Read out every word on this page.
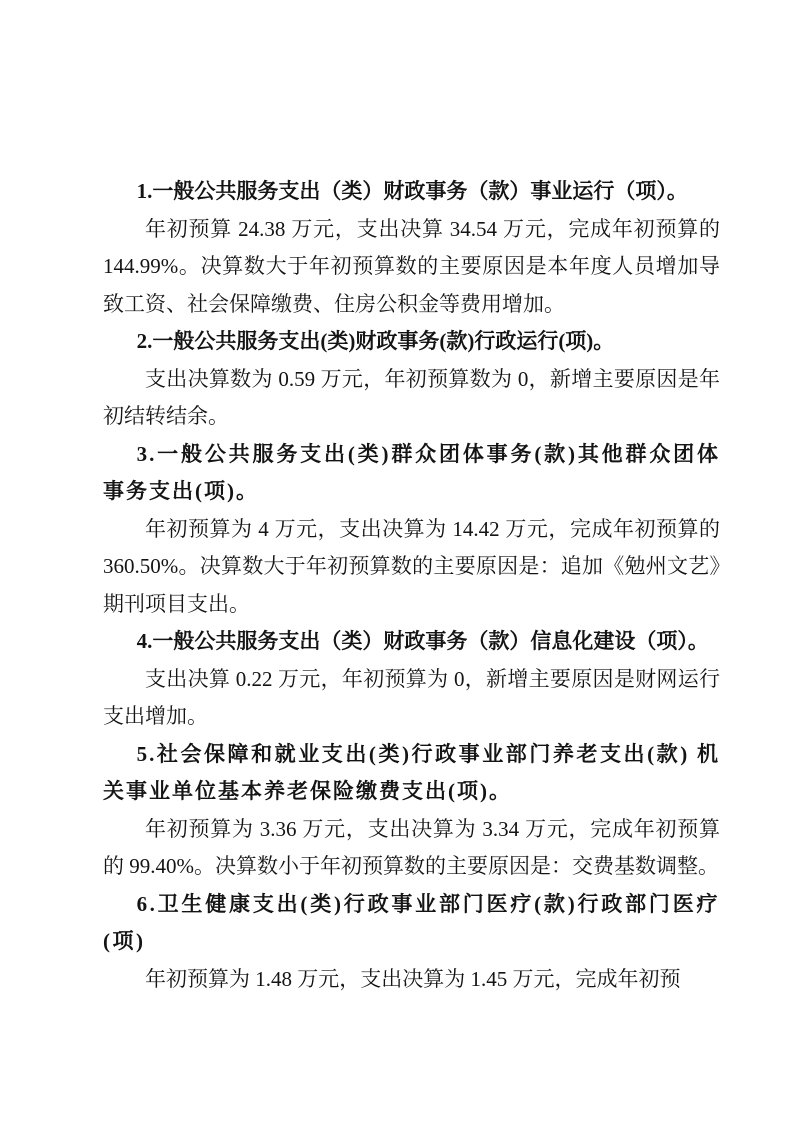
1.一般公共服务支出（类）财政事务（款）事业运行（项）。

年初预算 24.38 万元，支出决算 34.54 万元，完成年初预算的 144.99%。决算数大于年初预算数的主要原因是本年度人员增加导致工资、社会保障缴费、住房公积金等费用增加。

2.一般公共服务支出(类)财政事务(款)行政运行(项)。

支出决算数为 0.59 万元，年初预算数为 0，新增主要原因是年初结转结余。

3.一般公共服务支出(类)群众团体事务(款)其他群众团体事务支出(项)。

年初预算为 4 万元，支出决算为 14.42 万元，完成年初预算的 360.50%。决算数大于年初预算数的主要原因是：追加《勉州文艺》期刊项目支出。

4.一般公共服务支出（类）财政事务（款）信息化建设（项）。

支出决算 0.22 万元，年初预算为 0，新增主要原因是财网运行支出增加。

5.社会保障和就业支出(类)行政事业部门养老支出(款) 机关事业单位基本养老保险缴费支出(项)。

年初预算为 3.36 万元，支出决算为 3.34 万元，完成年初预算的 99.40%。决算数小于年初预算数的主要原因是：交费基数调整。

6.卫生健康支出(类)行政事业部门医疗(款)行政部门医疗(项)

年初预算为 1.48 万元，支出决算为 1.45 万元，完成年初预
